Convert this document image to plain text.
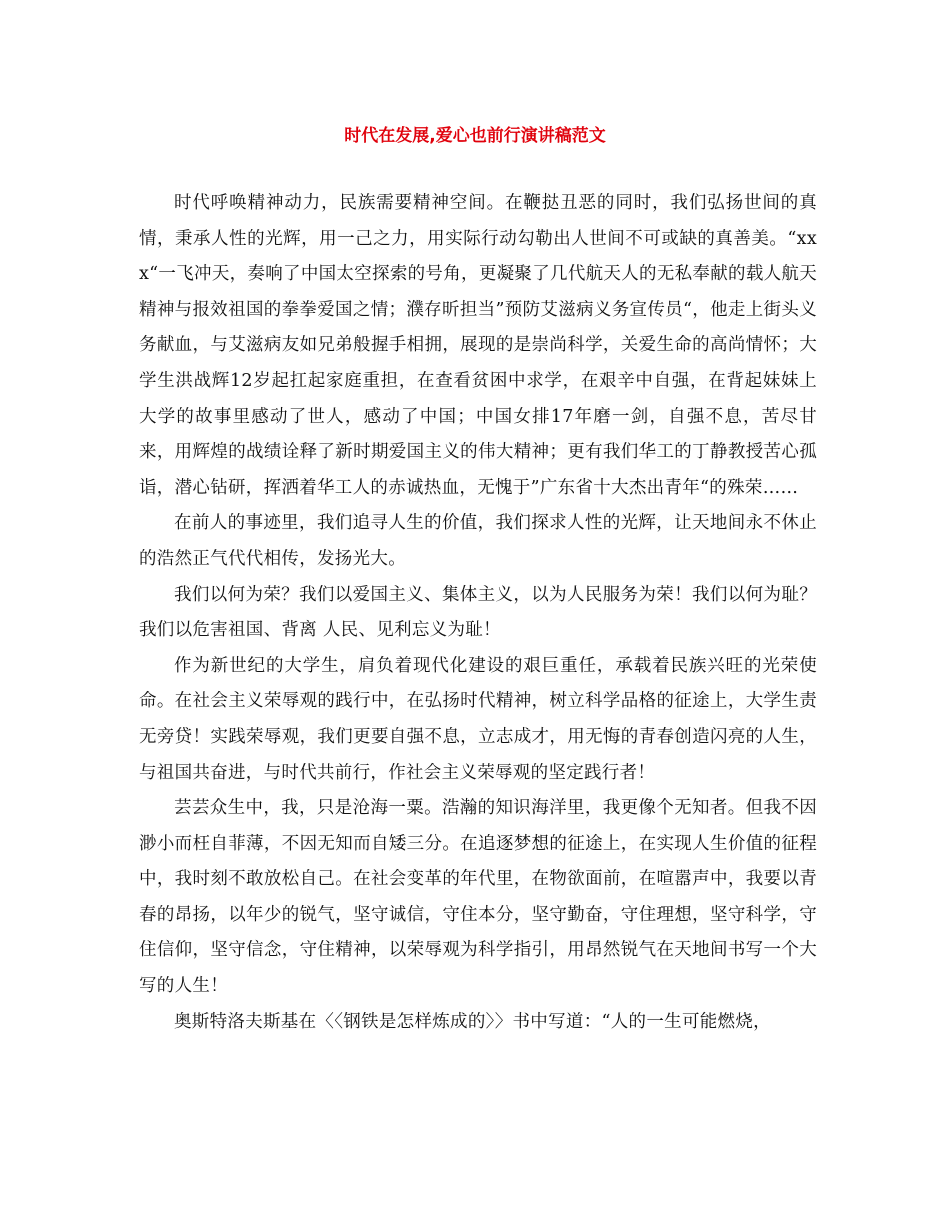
时代在发展,爱心也前行演讲稿范文

时代呼唤精神动力，民族需要精神空间。在鞭挞丑恶的同时，我们弘扬世间的真情，秉承人性的光辉，用一己之力，用实际行动勾勒出人世间不可或缺的真善美。“xxx“一飞冲天，奏响了中国太空探索的号角，更凝聚了几代航天人的无私奉献的载人航天精神与报效祖国的拳拳爱国之情；濮存昕担当”预防艾滋病义务宣传员“，他走上街头义务献血，与艾滋病友如兄弟般握手相拥，展现的是崇尚科学，关爱生命的高尚情怀；大学生洪战辉12岁起扛起家庭重担，在查看贫困中求学，在艰辛中自强，在背起妹妹上大学的故事里感动了世人，感动了中国；中国女排17年磨一剑，自强不息，苦尽甘来，用辉煌的战绩诠释了新时期爱国主义的伟大精神；更有我们华工的丁静教授苦心孤诣，潜心钻研，挥洒着华工人的赤诚热血，无愧于”广东省十大杰出青年“的殊荣……

在前人的事迹里，我们追寻人生的价值，我们探求人性的光辉，让天地间永不休止的浩然正气代代相传，发扬光大。

我们以何为荣？我们以爱国主义、集体主义，以为人民服务为荣！我们以何为耻？我们以危害祖国、背离 人民、见利忘义为耻！

作为新世纪的大学生，肩负着现代化建设的艰巨重任，承载着民族兴旺的光荣使命。在社会主义荣辱观的践行中，在弘扬时代精神，树立科学品格的征途上，大学生责无旁贷！实践荣辱观，我们更要自强不息，立志成才，用无悔的青春创造闪亮的人生，与祖国共奋进，与时代共前行，作社会主义荣辱观的坚定践行者！

芸芸众生中，我，只是沧海一粟。浩瀚的知识海洋里，我更像个无知者。但我不因渺小而枉自菲薄，不因无知而自矮三分。在追逐梦想的征途上，在实现人生价值的征程中，我时刻不敢放松自己。在社会变革的年代里，在物欲面前，在喧嚣声中，我要以青春的昂扬，以年少的锐气，坚守诚信，守住本分，坚守勤奋，守住理想，坚守科学，守住信仰，坚守信念，守住精神，以荣辱观为科学指引，用昂然锐气在天地间书写一个大写的人生！

奥斯特洛夫斯基在〈〈钢铁是怎样炼成的〉〉书中写道：“人的一生可能燃烧，
